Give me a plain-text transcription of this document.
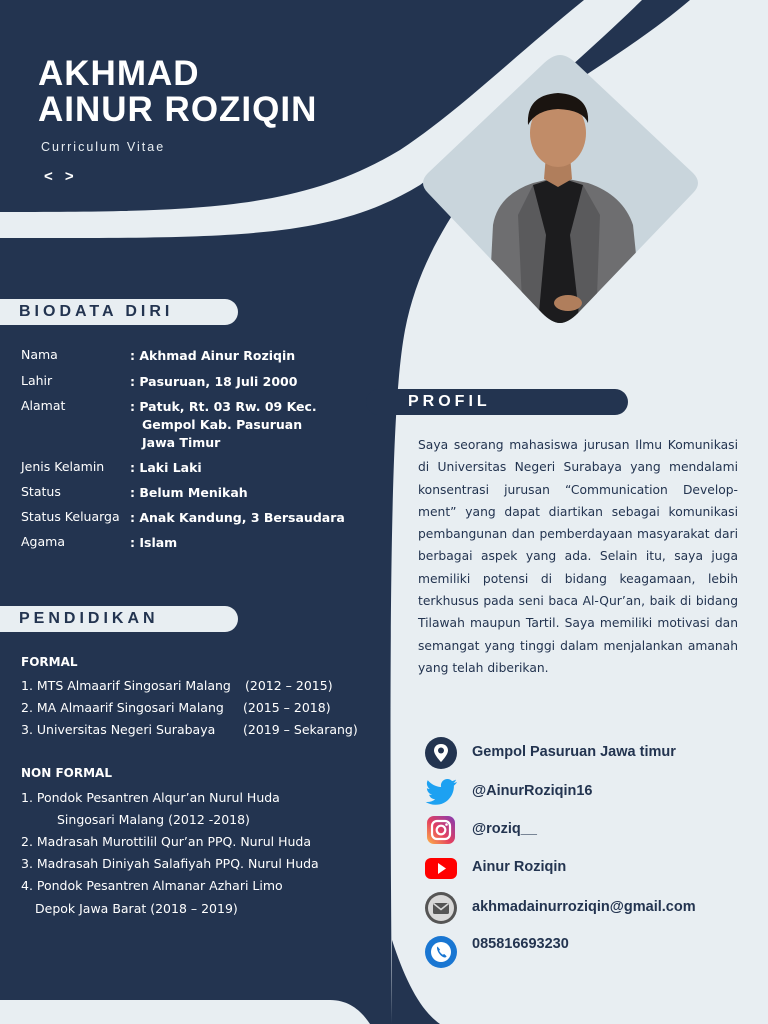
AKHMAD
AINUR ROZIQIN
Curriculum Vitae
< >
BIODATA DIRI
Nama	: Akhmad Ainur Roziqin
Lahir	: Pasuruan, 18 Juli 2000
Alamat	: Patuk, Rt. 03 Rw. 09 Kec.
Gempol Kab. Pasuruan
Jawa Timur
Jenis Kelamin	: Laki Laki
Status	: Belum Menikah
Status Keluarga : Anak Kandung, 3 Bersaudara
Agama	: Islam
PENDIDIKAN
FORMAL
1. MTS Almaarif Singosari Malang (2012 – 2015)
2. MA Almaarif Singosari Malang (2015 – 2018)
3. Universitas Negeri Surabaya (2019 – Sekarang)
NON FORMAL
1. Pondok Pesantren Alqur’an Nurul Huda
Singosari Malang (2012 -2018)
2. Madrasah Murottilil Qur’an PPQ. Nurul Huda
3. Madrasah Diniyah Salafiyah PPQ. Nurul Huda
4. Pondok Pesantren Almanar Azhari Limo
Depok Jawa Barat (2018 – 2019)
PROFIL
Saya seorang mahasiswa jurusan Ilmu Komunikasi di Universitas Negeri Surabaya yang mendalami konsentrasi jurusan “Communication Develop-ment” yang dapat diartikan sebagai komunikasi pembangunan dan pemberdayaan masyarakat dari berbagai aspek yang ada. Selain itu, saya juga memiliki potensi di bidang keagamaan, lebih terkhusus pada seni baca Al-Qur’an, baik di bidang Tilawah maupun Tartil. Saya memiliki motivasi dan semangat yang tinggi dalam menjalankan amanah yang telah diberikan.
Gempol Pasuruan Jawa timur
@AinurRoziqin16
@roziq__
Ainur Roziqin
akhmadainurroziqin@gmail.com
085816693230
